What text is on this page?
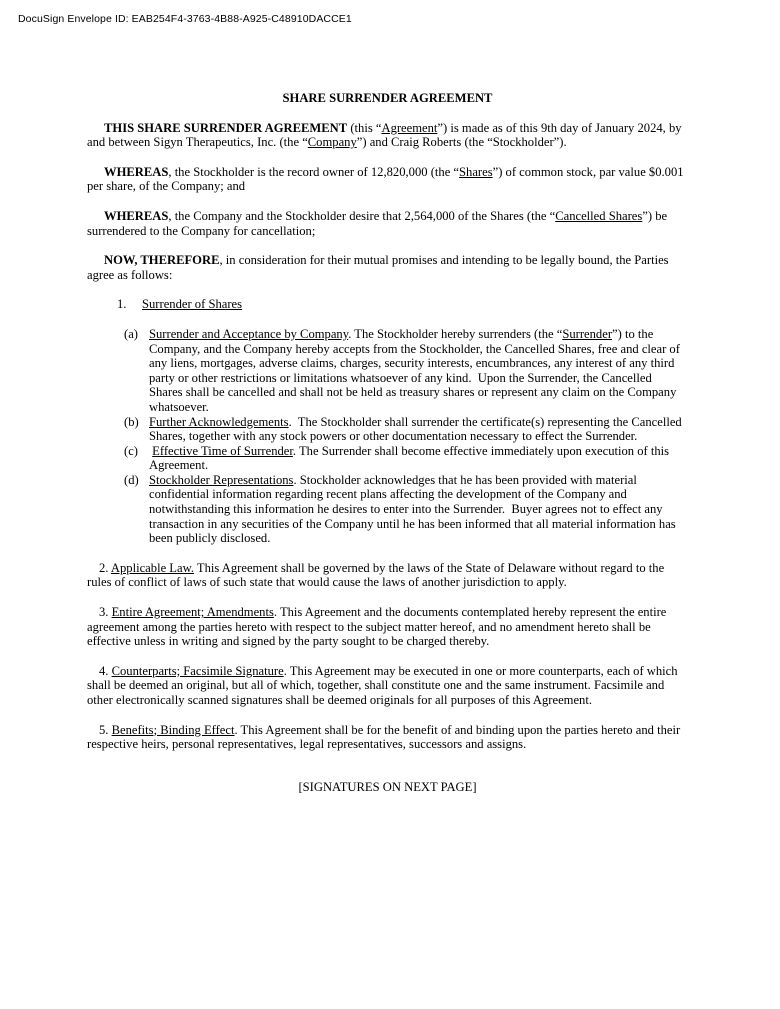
DocuSign Envelope ID: EAB254F4-3763-4B88-A925-C48910DACCE1

SHARE SURRENDER AGREEMENT

THIS SHARE SURRENDER AGREEMENT (this “Agreement”) is made as of this 9th day of January 2024, by and between Sigyn Therapeutics, Inc. (the “Company”) and Craig Roberts (the “Stockholder”).

WHEREAS, the Stockholder is the record owner of 12,820,000 (the “Shares”) of common stock, par value $0.001 per share, of the Company; and

WHEREAS, the Company and the Stockholder desire that 2,564,000 of the Shares (the “Cancelled Shares”) be surrendered to the Company for cancellation;

NOW, THEREFORE, in consideration for their mutual promises and intending to be legally bound, the Parties agree as follows:

1. Surrender of Shares

(a) Surrender and Acceptance by Company. The Stockholder hereby surrenders (the “Surrender”) to the Company, and the Company hereby accepts from the Stockholder, the Cancelled Shares, free and clear of any liens, mortgages, adverse claims, charges, security interests, encumbrances, any interest of any third party or other restrictions or limitations whatsoever of any kind.  Upon the Surrender, the Cancelled Shares shall be cancelled and shall not be held as treasury shares or represent any claim on the Company whatsoever.

(b) Further Acknowledgements.  The Stockholder shall surrender the certificate(s) representing the Cancelled Shares, together with any stock powers or other documentation necessary to effect the Surrender.

(c) Effective Time of Surrender. The Surrender shall become effective immediately upon execution of this Agreement.

(d) Stockholder Representations. Stockholder acknowledges that he has been provided with material confidential information regarding recent plans affecting the development of the Company and notwithstanding this information he desires to enter into the Surrender.  Buyer agrees not to effect any transaction in any securities of the Company until he has been informed that all material information has been publicly disclosed.

2. Applicable Law. This Agreement shall be governed by the laws of the State of Delaware without regard to the rules of conflict of laws of such state that would cause the laws of another jurisdiction to apply.

3. Entire Agreement; Amendments. This Agreement and the documents contemplated hereby represent the entire agreement among the parties hereto with respect to the subject matter hereof, and no amendment hereto shall be effective unless in writing and signed by the party sought to be charged thereby.

4. Counterparts; Facsimile Signature. This Agreement may be executed in one or more counterparts, each of which shall be deemed an original, but all of which, together, shall constitute one and the same instrument. Facsimile and other electronically scanned signatures shall be deemed originals for all purposes of this Agreement.

5. Benefits; Binding Effect. This Agreement shall be for the benefit of and binding upon the parties hereto and their respective heirs, personal representatives, legal representatives, successors and assigns.

[SIGNATURES ON NEXT PAGE]
